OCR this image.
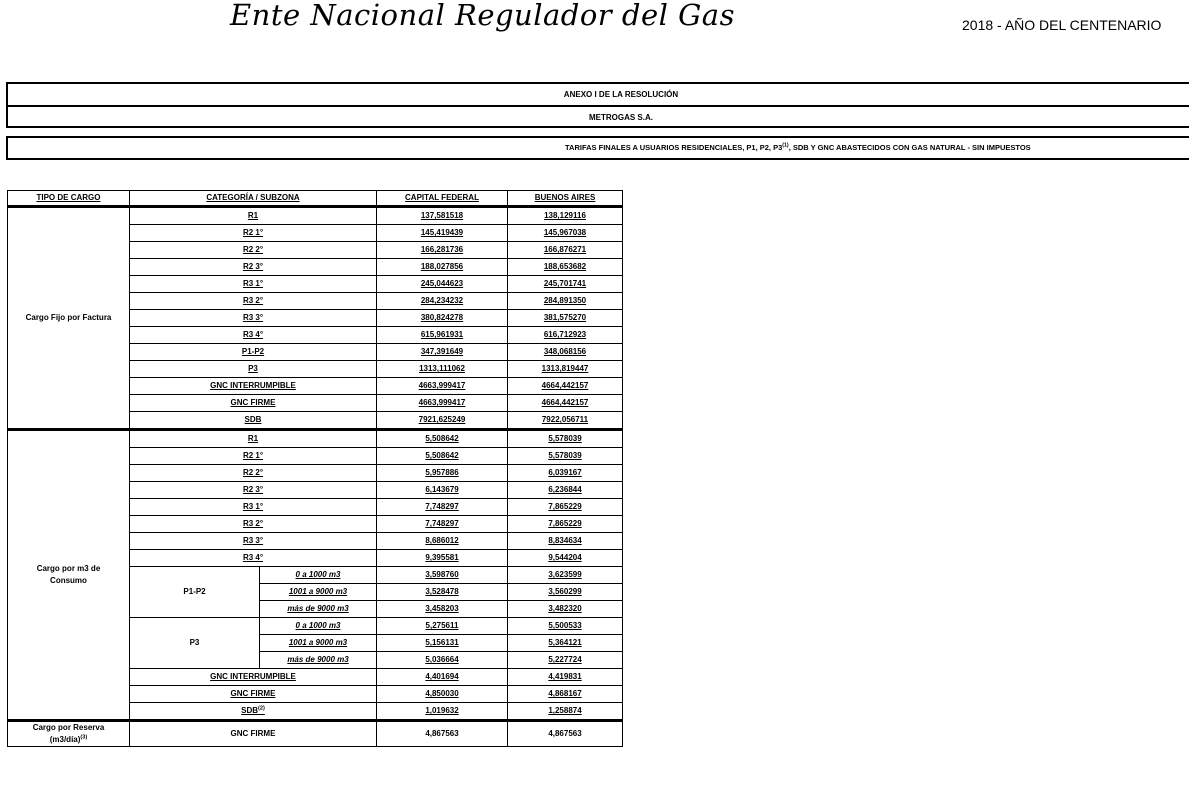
Ente Nacional Regulador del Gas	2018 - AÑO DEL CENTENARIO
ANEXO I DE LA RESOLUCIÓN
METROGAS S.A.
TARIFAS FINALES A USUARIOS RESIDENCIALES, P1, P2, P3$^{(1)}$, SDB Y GNC ABASTECIDOS CON GAS NATURAL - SIN IMPUESTOS
TIPO DE CARGO	CATEGORÍA / SUBZONA		CAPITAL FEDERAL	BUENOS AIRES
Cargo Fijo por Factura	R1		137,581518	138,129116
	R2 1°		145,419439	145,967038
	R2 2°		166,281736	166,876271
	R2 3°		188,027856	188,653682
	R3 1°		245,044623	245,701741
	R3 2°		284,234232	284,891350
	R3 3°		380,824278	381,575270
	R3 4°		615,961931	616,712923
	P1-P2		347,391649	348,068156
	P3		1313,111062	1313,819447
	GNC INTERRUMPIBLE		4663,999417	4664,442157
	GNC FIRME		4663,999417	4664,442157
	SDB		7921,625249	7922,056711
Cargo por m3 de Consumo	R1		5,508642	5,578039
	R2 1°		5,508642	5,578039
	R2 2°		5,957886	6,039167
	R2 3°		6,143679	6,236844
	R3 1°		7,748297	7,865229
	R3 2°		7,748297	7,865229
	R3 3°		8,686012	8,834634
	R3 4°		9,395581	9,544204
	P1-P2	0 a 1000 m3	3,598760	3,623599
		1001 a 9000 m3	3,528478	3,560299
		más de 9000 m3	3,458203	3,482320
	P3	0 a 1000 m3	5,275611	5,500533
		1001 a 9000 m3	5,156131	5,364121
		más de 9000 m3	5,036664	5,227724
	GNC INTERRUMPIBLE		4,401694	4,419831
	GNC FIRME		4,850030	4,868167
	SDB$^{(2)}$		1,019632	1,258874
Cargo por Reserva
(m3/día)$^{(3)}$	GNC FIRME		4,867563	4,867563
